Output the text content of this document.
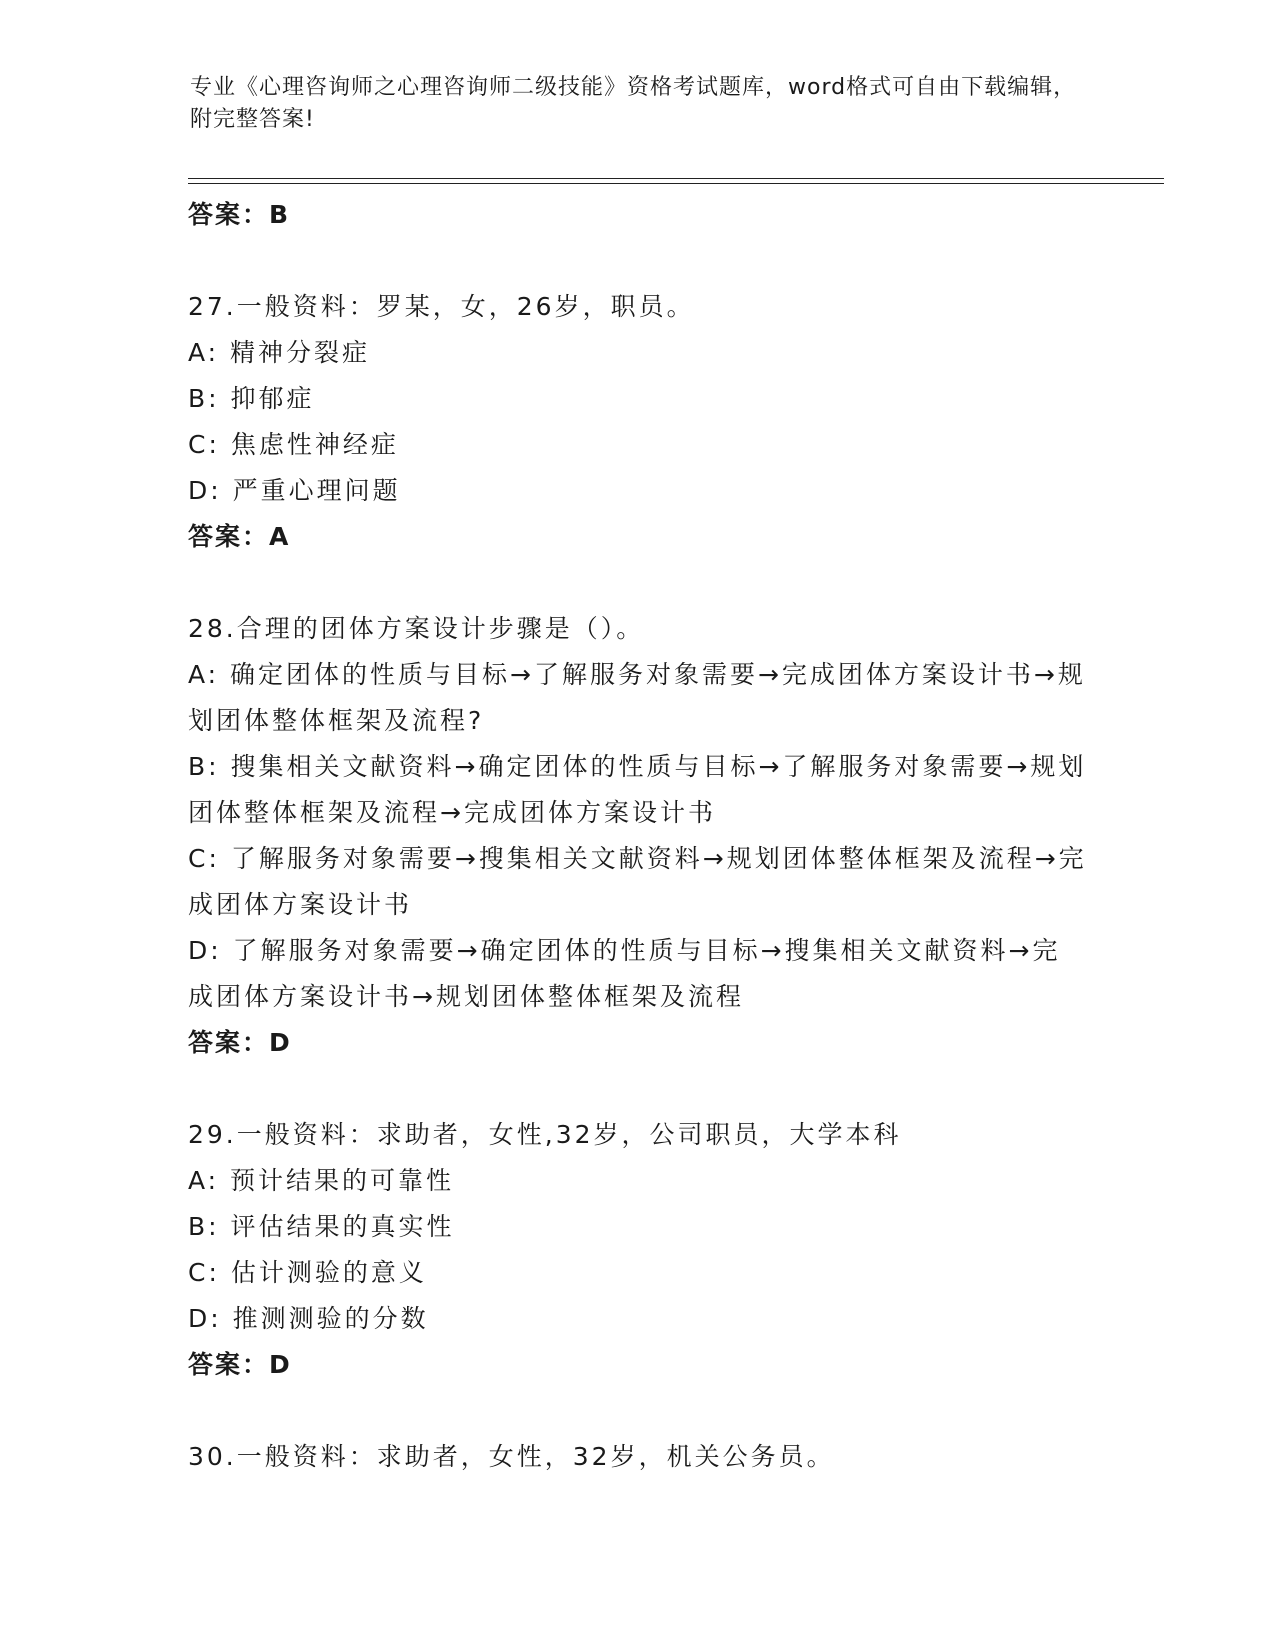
专业《心理咨询师之心理咨询师二级技能》资格考试题库，word格式可自由下载编辑，附完整答案!
答案：B
27.一般资料：罗某，女，26岁，职员。
A: 精神分裂症
B: 抑郁症
C: 焦虑性神经症
D: 严重心理问题
答案：A
28.合理的团体方案设计步骤是（）。
A: 确定团体的性质与目标→了解服务对象需要→完成团体方案设计书→规划团体整体框架及流程?
B: 搜集相关文献资料→确定团体的性质与目标→了解服务对象需要→规划团体整体框架及流程→完成团体方案设计书
C: 了解服务对象需要→搜集相关文献资料→规划团体整体框架及流程→完成团体方案设计书
D: 了解服务对象需要→确定团体的性质与目标→搜集相关文献资料→完成团体方案设计书→规划团体整体框架及流程
答案：D
29.一般资料：求助者，女性,32岁，公司职员，大学本科
A: 预计结果的可靠性
B: 评估结果的真实性
C: 估计测验的意义
D: 推测测验的分数
答案：D
30.一般资料：求助者，女性，32岁，机关公务员。
